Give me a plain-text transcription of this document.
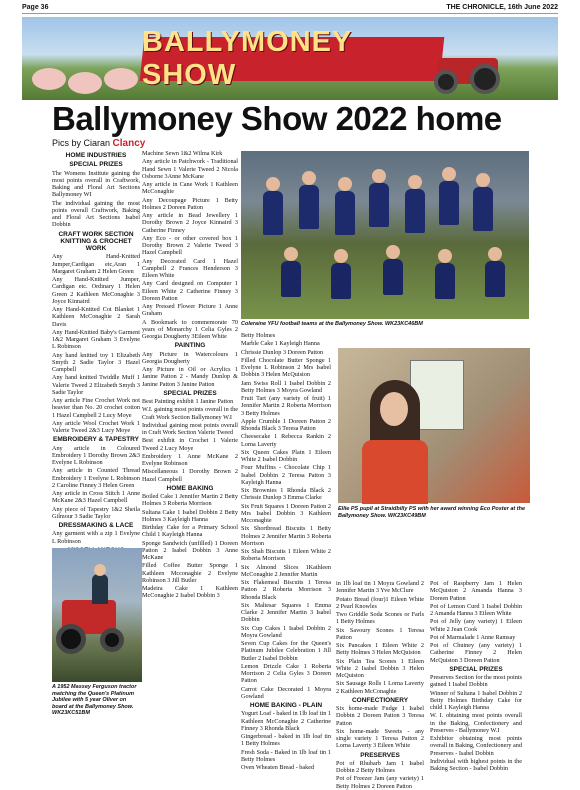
Page 36	THE CHRONICLE, 16th June 2022
BALLYMONEY SHOW
Ballymoney Show 2022 home
Pics by Ciaran Clancy
HOME INDUSTRIES
SPECIAL PRIZES

The Womens Institute gaining the most points overall in Craftwork, Baking and Floral Art Sections Ballymoney WI

The individual gaining the most points overall Craftwork, Baking and Floral Art Sections Isabel Dobbin

CRAFT WORK SECTION KNITTING & CROCHET WORK

Any Hand-Knitted Jumper,Cardigan etc,Aran 1 Margaret Graham 2 Helen Green

Any Hand-Knitted Jumper, Cardigan etc. Ordinary 1 Helen Green 2 Kathleen McConaghie 3 Joyce Kinnaird

Any Hand-Knitted Cot Blanket 1 Kathleen McConaghie 2 Sarah Davis

Any Hand-Knitted Baby's Garment 1&2 Margaret Graham 3 Evelyne L Robinson

Any hand knitted toy 1 Elizabeth Smyth 2 Sadie Taylor 3 Hazel Campbell

Any hand knitted Twiddle Muff 1 Valerie Tweed 2 Elizabeth Smyth 3 Sadie Taylor

Any article Fine Crochet Work not heavier than No. 20 crochet cotton 1 Hazel Campbell 2 Lucy Moye

Any article Wool Crochet Work 1 Valerie Tweed 2&3 Lucy Moye

EMBROIDERY & TAPESTRY

Any article in Coloured Embroidery 1 Dorothy Brown 2&3 Evelyne L Robinson

Any article in Counted Thread Embroidery 1 Evelyne L Robinson 2 Caroline Finney 3 Helen Green

Any article in Cross Stitch 1 Anne McKane 2&3 Hazel Campbell

Any piece of Tapestry 1&2 Sheila Gilmour 3 Sadie Taylor

DRESSMAKING & LACE

Any garment with a zip 1 Evelyne L Robinson

Machine Sewn 1&2 Wilma Kirk

Any article in Patchwork - Traditional Hand Sewn 1 Valerie Tweed 2 Nicola Osborne 3Anne McKane

Any article in Cane Work 1 Kathleen McConaghie

Any Decoupage Picture 1 Betty Holmes 2 Doreen Patton

Any article in Bead Jewellery 1 Dorothy Brown 2 Joyce Kinnaird 3 Catherine Finney

Any Eco - or other covered box 1 Dorothy Brown 2 Valerie Tweed 3 Hazel Campbell

Any Decorated Card 1 Hazel Campbell 2 Frances Henderson 3 Eileen White

Any Card designed on Computer 1 Eileen White 2 Catherine Finney 3 Doreen Patton

Any Pressed Flower Picture 1 Anne Graham

A Bookmark to commemorate 70 years of Monarchy 1 Celia Gyles 2 Georgia Dougherty 3Eileen White

PAINTING

Any Picture in Watercolours 1 Georgia Dougherty

Any Picture in Oil or Acrylics 1 Janine Patton 2 - Mandy Dunlop & Janine Patton 3 Janine Patton

SPECIAL PRIZES

Best Painting exhibit 1 Janine Patton

W.I. gaining most points overall in the Craft Work Section Ballymoney W.I

Individual gaining most points overall in Craft Work Section Valerie Tweed

Best exhibit in Crochet 1 Valerie Tweed 2 Lucy Moye

Embroidery 1 Anne McKane 2 Evelyne Robinson

Miscellaneous 1 Dorothy Brown 2 Hazel Campbell

HOME BAKING

Boiled Cake 1 Jennifer Martin 2 Betty Holmes 3 Roberta Morrison

Sultana Cake 1 Isabel Dobbin 2 Betty Holmes 3 Kayleigh Hanna

Birthday Cake for a Primary School Child 1 Kayleigh Hanna

Sponge Sandwich (unfilled) 1 Doreen Patton 2 Isabel Dobbin 3 Anne McKane

Filled Coffee Butter Sponge 1 Kathleen Mcconaghie 2 Evelyne Robinson 3 Jill Butler

Madeira Cake 1 Kathleen McConaghie 2 Isabel Dobbin 3

Betty Holmes

Marble Cake 1 Kayleigh Hanna

Chrissie Dunlop 3 Doreen Patton

Filled Chocolate Butter Sponge 1 Evelyne L Robinson 2 Mrs Isabel Dobbin 3 Helen McQuiston

Jam Swiss Roll 1 Isabel Dobbin 2 Betty Holmes 3 Moyra Gowland

Fruit Tart (any variety of fruit) 1 Jennifer Martin 2 Roberta Morrison 3 Betty Holmes

Apple Crumble 1 Doreen Patton 2 Rhonda Black 3 Teresa Patton

Cheesecake 1 Rebecca Rankin 2 Lorna Laverty

Six Queen Cakes Plain 1 Eileen White 2 Isabel Dobbin

Four Muffins - Chocolate Chip 1 Isabel Dobbin 2 Teresa Patton 3 Kayleigh Hanna

Six Brownies 1 Rhonda Black 2 Chrissie Dunlop 3 Emma Clarke

Six Fruit Squares 1 Doreen Patton 2 Mrs Isabel Dobbin 3 Kathleen Mcconaghie

Six Shortbread Biscuits 1 Betty Holmes 2 Jennifer Martin 3 Roberta Morrison

Six Shah Biscuits 1 Eileen White 2 Roberta Morrison

Six Almond Slices 1Kathleen McConaghie 2 Jennifer Martin

Six Flakemeal Biscuits 1 Teresa Patton 2 Roberta Morrison 3 Rhonda Black

Six Maltesar Squares 1 Emma Clarke 2 Jennifer Martin 3 Isabel Dobbin

Six Cup Cakes 1 Isabel Dobbin 2 Moyra Gowland

Seven Cup Cakes for the Queen's Platinum Jubilee Celebration 1 Jill Butler 2 Isabel Dobbin

Lemon Drizzle Cake 1 Roberta Morrison 2 Celia Gyles 3 Doreen Patton

Carrot Cake Decorated 1 Moyra Gowland

HOME BAKING - PLAIN

Yogurt Loaf - baked in 1lb loaf tin 1 Kathleen McConaghie 2 Catherine Finney 3 Rhonda Black

Gingerbread - baked in 1lb loaf tin 1 Betty Holmes

Fresh Soda - Baked in 1lb loaf tin 1 Betty Holmes

Oven Wheaten Bread - baked

in 1lb loaf tin 1 Moyra Gowland 2 Jennifer Martin 3 Yve McClure

Potato Bread (four)1 Eileen White 2 Pearl Knowles

Two Griddle Soda Scones or Farls 1 Betty Holmes

Six Savoury Scones 1 Teresa Patton

Six Pancakes 1 Eileen White 2 Betty Holmes 3 Helen McQuiston

Six Plain Tea Scones 1 Eileen White 2 Isabel Dobbin 3 Helen McQuiston

Six Sausage Rolls 1 Lorna Laverty 2 Kathleen McConaghie

CONFECTIONERY

Six home-made Fudge 1 Isabel Dobbin 2 Doreen Patton 3 Teresa Patton

Six home-made Sweets - any single variety 1 Teresa Patton 2 Lorna Laverty 3 Eileen White

PRESERVES

Pot of Rhubarb Jam 1 Isabel Dobbin 2 Betty Holmes

Pot of Freezer Jam (any variety) 1 Betty Holmes 2 Doreen Patton

Pot of Raspberry Jam 1 Helen McQuiston 2 Amanda Hanna 3 Doreen Patton

Pot of Lemon Curd 1 Isabel Dobbin 2 Amanda Hanna 3 Eileen White

Pot of Jelly (any variety) 1 Eileen White 2 Jean Cook

Pot of Marmalade 1 Anne Ramsay

Pot of Chutney (any variety) 1 Catherine Finney 2 Helen McQuiston 3 Doreen Patton

SPECIAL PRIZES

Preserves Section for the most points gained 1 Isabel Dobbin

Winner of Sultana 1 Isabel Dobbin 2 Betty Holmes Birthday Cake for child 1 Kayleigh Hanna

W. I. obtaining most points overall in the Baking, Confectionery and Preserves - Ballymoney W.I

Exhibitor obtaining most points overall in Baking, Confectionery and Preserves - Isabel Dobbin

Individual with highest points in the Baking Section - Isabel Dobbin

Coleraine YFU football teams at the Ballymoney Show. WK23KC46BM
Ellie PS pupil at Straidbilly PS with her award winning Eco Poster at the Ballymoney Show. WK23KC49BM
A 1952 Massey Ferguson tractor matching the Queen's Platinum Jubilee with 5 year Oliver on board at the Ballymoney Show. WK23KC51BM
